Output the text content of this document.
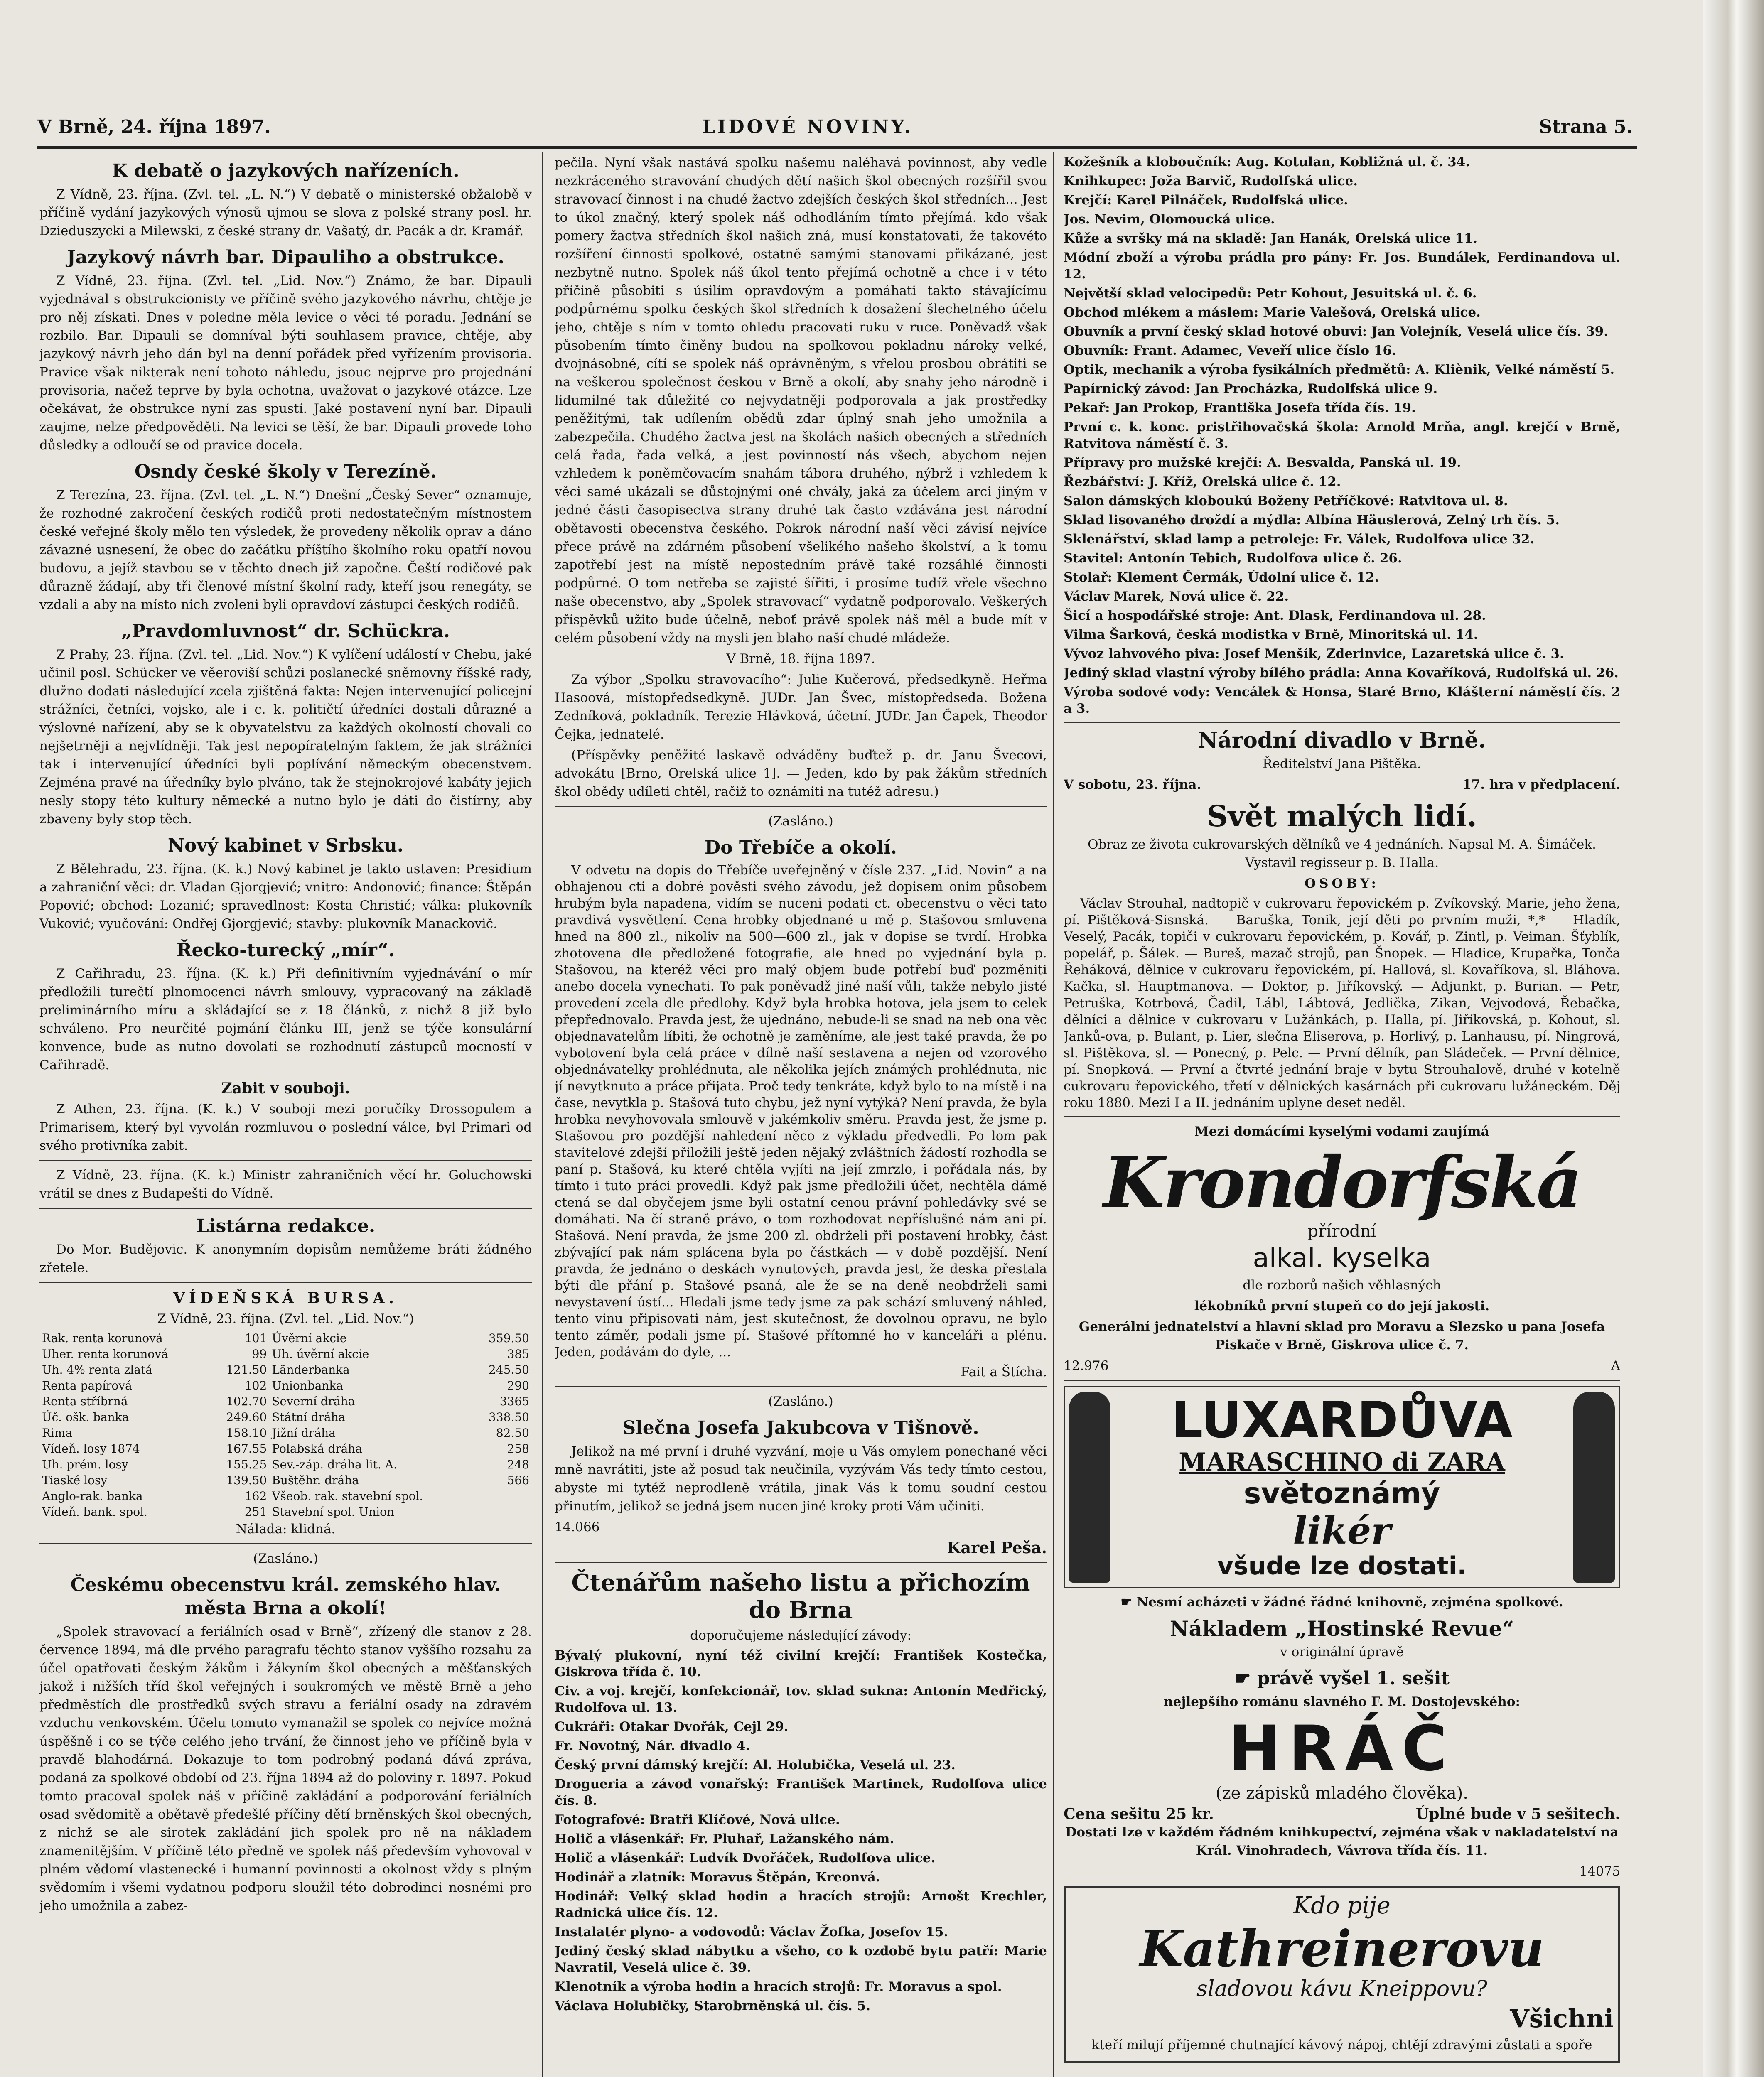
V Brně, 24. října 1897.	LIDOVÉ NOVINY.	Strana 5.
K debatě o jazykových nařízeních.

Z Vídně, 23. října. (Zvl. tel. „L. N.“) V debatě o ministerské obžalobě v příčině vydání jazykových výnosů ujmou se slova z polské strany posl. hr. Dzieduszycki a Milewski, z české strany dr. Vašatý, dr. Pacák a dr. Kramář.

Jazykový návrh bar. Dipauliho a obstrukce.

Z Vídně, 23. října. (Zvl. tel. „Lid. Nov.“) Známo, že bar. Dipauli vyjednával s obstrukcionisty ve příčině svého jazykového návrhu, chtěje je pro něj získati. Dnes v poledne měla levice o věci té poradu. Jednání se rozbilo. Bar. Dipauli se domníval býti souhlasem pravice, chtěje, aby jazykový návrh jeho dán byl na denní pořádek před vyřízením provisoria. Pravice však nikterak není tohoto náhledu, jsouc nejprve pro projednání provisoria, načež teprve by byla ochotna, uvažovat o jazykové otázce. Lze očekávat, že obstrukce nyní zas spustí. Jaké postavení nyní bar. Dipauli zaujme, nelze předpověděti. Na levici se těší, že bar. Dipauli provede toho důsledky a odloučí se od pravice docela.

Osndy české školy v Terezíně.

Z Terezína, 23. října. (Zvl. tel. „L. N.“) Dnešní „Český Sever“ oznamuje, že rozhodné zakročení českých rodičů proti nedostatečným místnostem české veřejné školy mělo ten výsledek, že provedeny několik oprav a dáno závazné usnesení, že obec do začátku příštího školního roku opatří novou budovu, a jejíž stavbou se v těchto dnech již započne. Čeští rodičové pak důrazně žádají, aby tři členové místní školní rady, kteří jsou renegáty, se vzdali a aby na místo nich zvoleni byli opravdoví zástupci českých rodičů.

„Pravdomluvnost“ dr. Schückra.

Z Prahy, 23. října. (Zvl. tel. „Lid. Nov.“) K vylíčení událostí v Chebu, jaké učinil posl. Schücker ve věeroviší schůzi poslanecké sněmovny říšské rady, dlužno dodati následující zcela zjištěná fakta: Nejen intervenující policejní strážníci, četníci, vojsko, ale i c. k. političtí úředníci dostali důrazné a výslovné nařízení, aby se k obyvatelstvu za každých okolností chovali co nejšetrněji a nejvlídněji. Tak jest nepopíratelným faktem, že jak strážníci tak i intervenující úředníci byli poplívání německým obecenstvem. Zejména pravé na úředníky bylo plváno, tak že stejnokrojové kabáty jejich nesly stopy této kultury německé a nutno bylo je dáti do čistírny, aby zbaveny byly stop těch.

Nový kabinet v Srbsku.

Z Bělehradu, 23. října. (K. k.) Nový kabinet je takto ustaven: Presidium a zahraniční věci: dr. Vladan Gjorgjević; vnitro: Andonović; finance: Štěpán Popović; obchod: Lozanić; spravedlnost: Kosta Christić; válka: plukovník Vuković; vyučování: Ondřej Gjorgjević; stavby: plukovník Manackovič.

Řecko-turecký „mír“.

Z Cařihradu, 23. října. (K. k.) Při definitivním vyjednávání o mír předložili turečtí plnomocenci návrh smlouvy, vypracovaný na základě preliminárního míru a skládající se z 18 článků, z nichž 8 již bylo schváleno. Pro neurčité pojmání článku III, jenž se týče konsulární konvence, bude as nutno dovolati se rozhodnutí zástupců mocností v Cařihradě.

Zabit v souboji.

Z Athen, 23. října. (K. k.) V souboji mezi poručíky Drossopulem a Primarisem, který byl vyvolán rozmluvou o poslední válce, byl Primari od svého protivníka zabit.

Z Vídně, 23. října. (K. k.) Ministr zahraničních věcí hr. Goluchowski vrátil se dnes z Budapešti do Vídně.

Listárna redakce.

Do Mor. Budějovic. K anonymním dopisům nemůžeme bráti žádného zřetele.

VÍDEŇSKÁ BURSA.

Z Vídně, 23. října. (Zvl. tel. „Lid. Nov.“)

Rak. renta korunová	101	Úvěrní akcie	359.50
Uher. renta korunová	99	Uh. úvěrní akcie	385
Uh. 4% renta zlatá	121.50	Länderbanka	245.50
Renta papírová	102	Unionbanka	290
Renta stříbrná	102.70	Severní dráha	3365
Úč. ošk. banka	249.60	Státní dráha	338.50
Rima	158.10	Jižní dráha	82.50
Vídeň. losy 1874	167.55	Polabská dráha	258
Uh. prém. losy	155.25	Sev.-záp. dráha lit. A.	248
Tiaské losy	139.50	Buštěhr. dráha	566
Anglo-rak. banka	162	Všeob. rak. stavební spol.	
Vídeň. bank. spol.	251	Stavební spol. Union	

Nálada: klidná.

(Zasláno.)

Českému obecenstvu král. zemského hlav. města Brna a okolí!

„Spolek stravovací a feriálních osad v Brně“, zřízený dle stanov z 28. července 1894, má dle prvého paragrafu těchto stanov vyššího rozsahu za účel opatřovati českým žákům i žákyním škol obecných a měšťanských jakož i nižších tříd škol veřejných i soukromých ve městě Brně a jeho předměstích dle prostředků svých stravu a feriální osady na zdravém vzduchu venkovském. Účelu tomuto vymanažil se spolek co nejvíce možná úspěšně i co se týče celého jeho trvání, že činnost jeho ve příčině byla v pravdě blahodárná. Dokazuje to tom podrobný podaná dává zpráva, podaná za spolkové období od 23. října 1894 až do poloviny r. 1897. Pokud tomto pracoval spolek náš v příčině zakládání a podporování feriálních osad svědomitě a obětavě předešlé příčiny dětí brněnských škol obecných, z nichž se ale sirotek zakládání jich spolek pro ně na nákladem znamenitějším. V příčině této předně ve spolek náš především vyhovoval v plném vědomí vlastenecké i humanní povinnosti a okolnost vždy s plným svědomím i všemi vydatnou podporu sloužil této dobrodinci nosnémi pro jeho umožnila a zabez-

pečila. Nyní však nastává spolku našemu naléhavá povinnost, aby vedle nezkráceného stravování chudých dětí našich škol obecných rozšířil svou stravovací činnost i na chudé žactvo zdejších českých škol středních... Jest to úkol značný, který spolek náš odhodláním tímto přejímá. kdo však pomery žactva středních škol našich zná, musí konstatovati, že takovéto rozšíření činnosti spolkové, ostatně samými stanovami přikázané, jest nezbytně nutno. Spolek náš úkol tento přejímá ochotně a chce i v této příčině působiti s úsilím opravdovým a pomáhati takto stávajícímu podpůrnému spolku českých škol středních k dosažení šlechetného účelu jeho, chtěje s ním v tomto ohledu pracovati ruku v ruce. Poněvadž však působením tímto činěny budou na spolkovou pokladnu nároky velké, dvojnásobné, cítí se spolek náš oprávněným, s vřelou prosbou obrátiti se na veškerou společnost českou v Brně a okolí, aby snahy jeho národně i lidumilné tak důležité co nejvydatněji podporovala a jak prostředky peněžitými, tak udílením obědů zdar úplný snah jeho umožnila a zabezpečila. Chudého žactva jest na školách našich obecných a středních celá řada, řada velká, a jest povinností nás všech, abychom nejen vzhledem k poněmčovacím snahám tábora druhého, nýbrž i vzhledem k věci samé ukázali se důstojnými oné chvály, jaká za účelem arci jiným v jedné části časopisectva strany druhé tak často vzdávána jest národní obětavosti obecenstva českého. Pokrok národní naší věci závisí nejvíce přece právě na zdárném působení všelikého našeho školství, a k tomu zapotřebí jest na místě nepostedním právě také rozsáhlé činnosti podpůrné. O tom netřeba se zajisté šířiti, i prosíme tudíž vřele všechno naše obecenstvo, aby „Spolek stravovací“ vydatně podporovalo. Veškerých příspěvků užito bude účelně, neboť právě spolek náš měl a bude mít v celém působení vždy na mysli jen blaho naší chudé mládeže.

V Brně, 18. října 1897.

Za výbor „Spolku stravovacího“: Julie Kučerová, předsedkyně. Heřma Hasoová, místopředsedkyně. JUDr. Jan Švec, místopředseda. Božena Zedníková, pokladník. Terezie Hlávková, účetní. JUDr. Jan Čapek, Theodor Čejka, jednatelé.

(Příspěvky peněžité laskavě odváděny buďtež p. dr. Janu Švecovi, advokátu [Brno, Orelská ulice 1]. — Jeden, kdo by pak žákům středních škol obědy udíleti chtěl, račiž to oznámiti na tutéž adresu.)

(Zasláno.)

Do Třebíče a okolí.

V odvetu na dopis do Třebíče uveřejněný v čísle 237. „Lid. Novin“ a na obhajenou cti a dobré pověsti svého závodu, jež dopisem onim působem hrubým byla napadena, vidím se nuceni podati ct. obecenstvu o věci tato pravdivá vysvětlení. Cena hrobky objednané u mě p. Stašovou smluvena hned na 800 zl., nikoliv na 500—600 zl., jak v dopise se tvrdí. Hrobka zhotovena dle předložené fotografie, ale hned po vyjednání byla p. Stašovou, na kteréž věci pro malý objem bude potřebí buď pozměniti anebo docela vynechati. To pak poněvadž jiné naší vůli, takže nebylo jisté provedení zcela dle předlohy. Když byla hrobka hotova, jela jsem to celek přepřednovalo. Pravda jest, že ujednáno, nebude-li se snad na neb ona věc objednavatelům líbiti, že ochotně je zaměníme, ale jest také pravda, že po vybotovení byla celá práce v dílně naší sestavena a nejen od vzorového objednávatelky prohlédnuta, ale několika jejích známých prohlédnuta, nic jí nevytknuto a práce přijata. Proč tedy tenkráte, když bylo to na místě i na čase, nevytkla p. Stašová tuto chybu, jež nyní vytýká? Není pravda, že byla hrobka nevyhovovala smlouvě v jakémkoliv směru. Pravda jest, že jsme p. Stašovou pro pozdější nahledení něco z výkladu předvedli. Po lom pak stavitelové zdejší přiložili ještě jeden nějaký zvláštních žádostí rozhodla se paní p. Stašová, ku které chtěla vyjíti na její zmrzlo, i pořádala nás, by tímto i tuto práci provedli. Když pak jsme předložili účet, nechtěla dámě ctená se dal obyčejem jsme byli ostatní cenou právní pohledávky své se domáhati. Na čí straně právo, o tom rozhodovat nepříslušné nám ani pí. Stašová. Není pravda, že jsme 200 zl. obdrželi při postavení hrobky, část zbývající pak nám splácena byla po částkách — v době pozdější. Není pravda, že jednáno o deskách vynutových, pravda jest, že deska přestala býti dle přání p. Stašové psaná, ale že se na deně neobdrželi sami nevystavení ústí... Hledali jsme tedy jsme za pak schází smluvený náhled, tento vinu připisovati nám, jest skutečnost, že dovolnou opravu, ne bylo tento záměr, podali jsme pí. Stašové přítomné ho v kanceláři a plénu. Jeden, podávám do dyle, ...

Fait a Štícha.

(Zasláno.)

Slečna Josefa Jakubcova v Tišnově.

Jelikož na mé první i druhé vyzvání, moje u Vás omylem ponechané věci mně navrátiti, jste až posud tak neučinila, vyzývám Vás tedy tímto cestou, abyste mi tytéž neprodleně vrátila, jinak Vás k tomu soudní cestou přinutím, jelikož se jedná jsem nucen jiné kroky proti Vám učiniti.

14.066

Karel Peša.

Čtenářům našeho listu a přichozím do Brna

doporučujeme následující závody:

Bývalý plukovní, nyní též civilní krejčí: František Kostečka, Giskrova třída č. 10.

Civ. a voj. krejčí, konfekcionář, tov. sklad sukna: Antonín Medřický, Rudolfova ul. 13.

Cukráři: Otakar Dvořák, Cejl 29.

Fr. Novotný, Nár. divadlo 4.

Český první dámský krejčí: Al. Holubička, Veselá ul. 23.

Drogueria a závod vonařský: František Martinek, Rudolfova ulice čís. 8.

Fotografové: Bratři Klíčové, Nová ulice.

Holič a vlásenkář: Fr. Pluhař, Lažanského nám.

Holič a vlásenkář: Ludvík Dvořáček, Rudolfova ulice.

Hodinář a zlatník: Moravus Štěpán, Kreonvá.

Hodinář: Velký sklad hodin a hracích strojů: Arnošt Krechler, Radnická ulice čís. 12.

Instalatér plyno- a vodovodů: Václav Žofka, Josefov 15.

Jediný český sklad nábytku a všeho, co k ozdobě bytu patří: Marie Navratil, Veselá ulice č. 39.

Klenotník a výroba hodin a hracích strojů: Fr. Moravus a spol.

Václava Holubičky, Starobrněnská ul. čís. 5.

Kožešník a kloboučník: Aug. Kotulan, Kobližná ul. č. 34.

Knihkupec: Joža Barvič, Rudolfská ulice.

Krejčí: Karel Pilnáček, Rudolfská ulice.

Jos. Nevim, Olomoucká ulice.

Kůže a svršky má na skladě: Jan Hanák, Orelská ulice 11.

Módní zboží a výroba prádla pro pány: Fr. Jos. Bundálek, Ferdinandova ul. 12.

Největší sklad velocipedů: Petr Kohout, Jesuitská ul. č. 6.

Obchod mlékem a máslem: Marie Valešová, Orelská ulice.

Obuvník a první český sklad hotové obuvi: Jan Volejník, Veselá ulice čís. 39.

Obuvník: Frant. Adamec, Veveří ulice číslo 16.

Optik, mechanik a výroba fysikálních předmětů: A. Kliènik, Velké náměstí 5.

Papírnický závod: Jan Procházka, Rudolfská ulice 9.

Pekař: Jan Prokop, Františka Josefa třída čís. 19.

První c. k. konc. pristřihovačská škola: Arnold Mrňa, angl. krejčí v Brně, Ratvitova náměstí č. 3.

Přípravy pro mužské krejčí: A. Besvalda, Panská ul. 19.

Řezbářství: J. Kříž, Orelská ulice č. 12.

Salon dámských kloboukú Boženy Petříčkové: Ratvitova ul. 8.

Sklad lisovaného droždí a mýdla: Albína Häuslerová, Zelný trh čís. 5.

Sklenářství, sklad lamp a petroleje: Fr. Válek, Rudolfova ulice 32.

Stavitel: Antonín Tebich, Rudolfova ulice č. 26.

Stolař: Klement Čermák, Údolní ulice č. 12.

Václav Marek, Nová ulice č. 22.

Šicí a hospodářské stroje: Ant. Dlask, Ferdinandova ul. 28.

Vilma Šarková, česká modistka v Brně, Minoritská ul. 14.

Vývoz lahvového piva: Josef Menšík, Zderinvice, Lazaretská ulice č. 3.

Jediný sklad vlastní výroby bílého prádla: Anna Kovaříková, Rudolfská ul. 26.

Výroba sodové vody: Vencálek & Honsa, Staré Brno, Klášterní náměstí čís. 2 a 3.

Národní divadlo v Brně.

Ředitelství Jana Pištěka.

V sobotu, 23. října.	17. hra v předplacení.
Svět malých lidí.

Obraz ze života cukrovarských dělníků ve 4 jednáních. Napsal M. A. Šimáček. Vystavil regisseur p. B. Halla.

OSOBY:

Václav Strouhal, nadtopič v cukrovaru řepovickém p. Zvíkovský. Marie, jeho žena, pí. Pištěková-Sisnská. — Baruška, Tonik, její děti po prvním muži, *,* — Hladík, Veselý, Pacák, topiči v cukrovaru řepovickém, p. Kovář, p. Zintl, p. Veiman. Šťyblík, popelář, p. Šálek. — Bureš, mazač strojů, pan Šnopek. — Hladice, Krupařka, Tonča Řeháková, dělnice v cukrovaru řepovickém, pí. Hallová, sl. Kovaříkova, sl. Bláhova. Kačka, sl. Hauptmanova. — Doktor, p. Jiříkovský. — Adjunkt, p. Burian. — Petr, Petruška, Kotrbová, Čadil, Lábl, Lábtová, Jedlička, Zikan, Vejvodová, Řebačka, dělníci a dělnice v cukrovaru v Lužánkách, p. Halla, pí. Jiříkovská, p. Kohout, sl. Janků-ova, p. Bulant, p. Lier, slečna Eliserova, p. Horlivý, p. Lanhausu, pí. Ningrová, sl. Pištěkova, sl. — Ponecný, p. Pelc. — První dělník, pan Sládeček. — První dělnice, pí. Snopková. — První a čtvrté jednání braje v bytu Strouhalově, druhé v kotelně cukrovaru řepovického, třetí v dělnických kasárnách při cukrovaru lužáneckém. Děj roku 1880. Mezi I a II. jednáním uplyne deset neděl.

Mezi domácími kyselými vodami zaujímá

Krondorfská

přírodní

alkal. kyselka

dle rozborů našich věhlasných

lékobníků první stupeň co do její jakosti.

Generální jednatelství a hlavní sklad pro Moravu a Slezsko u pana Josefa Piskače v Brně, Giskrova ulice č. 7.

12.976	A
LUXARDŮVA
MARASCHINO di ZARA
světoznámý
likér
všude lze dostati.

☛ Nesmí acházeti v žádné řádné knihovně, zejména spolkové.

Nákladem „Hostinské Revue“

v originální úpravě

☛ právě vyšel 1. sešit

nejlepšího románu slavného F. M. Dostojevského:

HRÁČ

(ze zápisků mladého člověka).

Cena sešitu 25 kr.	Úplné bude v 5 sešitech.

Dostati lze v každém řádném knihkupectví, zejména však v nakladatelství na Král. Vinohradech, Vávrova třída čís. 11.

14075

Kdo pije

Kathreinerovu

sladovou kávu Kneippovu?

Všichni

kteří milují příjemné chutnající kávový nápoj, chtějí zdravými zůstati a spoře
